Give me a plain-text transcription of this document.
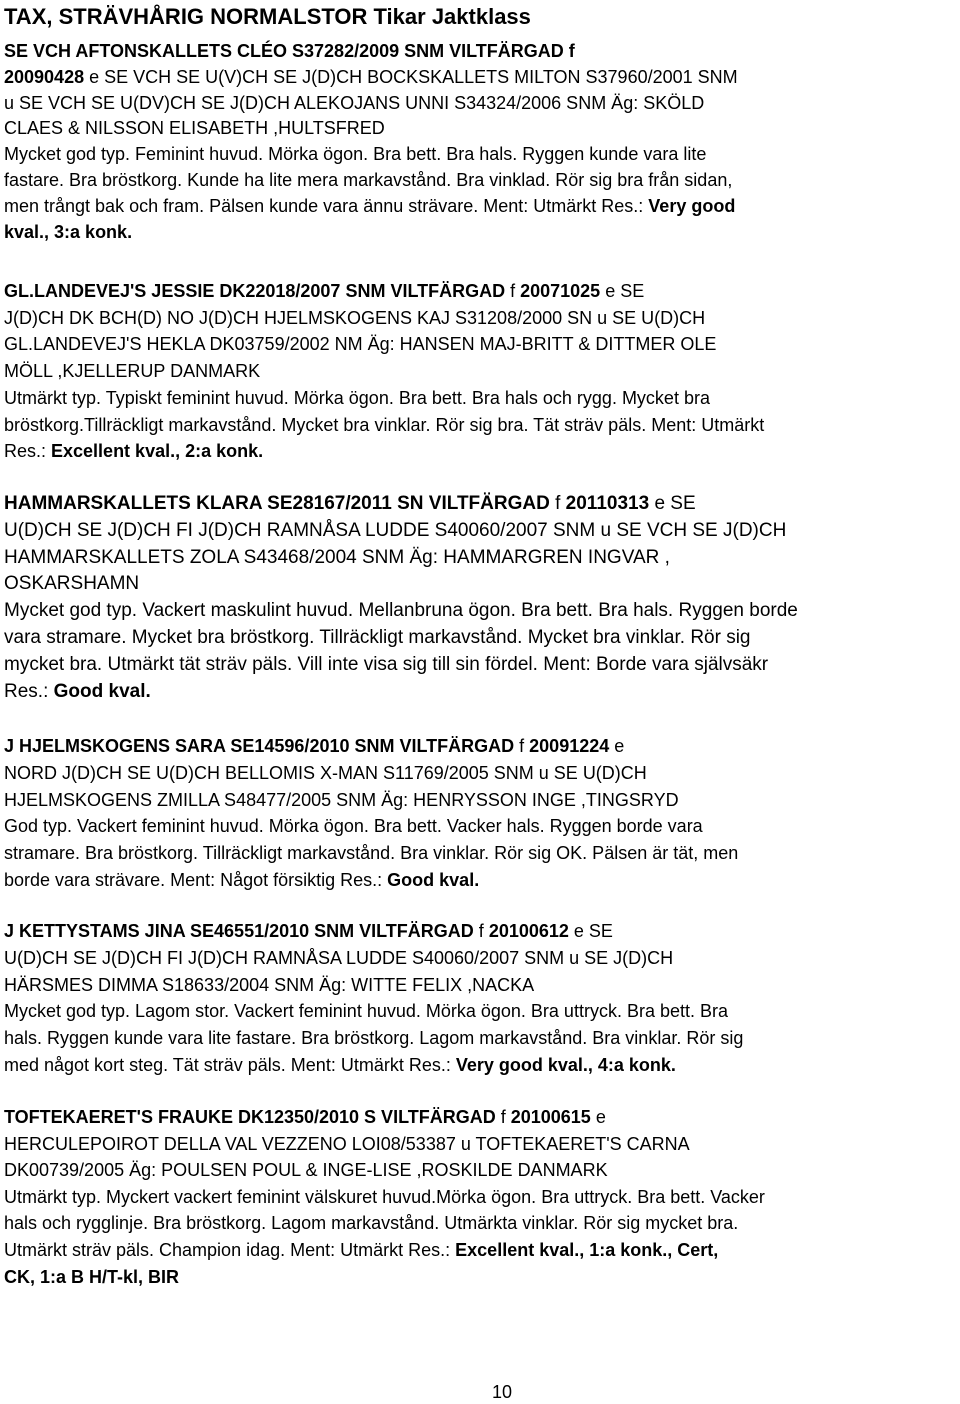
TAX, STRÄVHÅRIG NORMALSTOR Tikar Jaktklass

SE VCH AFTONSKALLETS CLÉO S37282/2009 SNM VILTFÄRGAD f
20090428 e SE VCH SE U(V)CH SE J(D)CH BOCKSKALLETS MILTON S37960/2001 SNM
u SE VCH SE U(DV)CH SE J(D)CH ALEKOJANS UNNI S34324/2006 SNM Äg: SKÖLD
CLAES & NILSSON ELISABETH ,HULTSFRED
Mycket god typ. Feminint huvud. Mörka ögon. Bra bett. Bra hals. Ryggen kunde vara lite
fastare. Bra bröstkorg. Kunde ha lite mera markavstånd. Bra vinklad. Rör sig bra från sidan,
men trångt bak och fram. Pälsen kunde vara ännu strävare. Ment: Utmärkt Res.: Very good
kval., 3:a konk.

GL.LANDEVEJ'S JESSIE DK22018/2007 SNM VILTFÄRGAD f 20071025 e SE
J(D)CH DK BCH(D) NO J(D)CH HJELMSKOGENS KAJ S31208/2000 SN u SE U(D)CH
GL.LANDEVEJ'S HEKLA DK03759/2002 NM Äg: HANSEN MAJ-BRITT & DITTMER OLE
MÖLL ,KJELLERUP DANMARK
Utmärkt typ. Typiskt feminint huvud. Mörka ögon. Bra bett. Bra hals och rygg. Mycket bra
bröstkorg.Tillräckligt markavstånd. Mycket bra vinklar. Rör sig bra. Tät sträv päls. Ment: Utmärkt
Res.: Excellent kval., 2:a konk.

HAMMARSKALLETS KLARA SE28167/2011 SN VILTFÄRGAD f 20110313 e SE
U(D)CH SE J(D)CH FI J(D)CH RAMNÅSA LUDDE S40060/2007 SNM u SE VCH SE J(D)CH
HAMMARSKALLETS ZOLA S43468/2004 SNM Äg: HAMMARGREN INGVAR ,
OSKARSHAMN
Mycket god typ. Vackert maskulint huvud. Mellanbruna ögon. Bra bett. Bra hals. Ryggen borde
vara stramare. Mycket bra bröstkorg. Tillräckligt markavstånd. Mycket bra vinklar. Rör sig
mycket bra. Utmärkt tät sträv päls. Vill inte visa sig till sin fördel. Ment: Borde vara självsäkr
Res.: Good kval.

J HJELMSKOGENS SARA SE14596/2010 SNM VILTFÄRGAD f 20091224 e
NORD J(D)CH SE U(D)CH BELLOMIS X-MAN S11769/2005 SNM u SE U(D)CH
HJELMSKOGENS ZMILLA S48477/2005 SNM Äg: HENRYSSON INGE ,TINGSRYD
God typ. Vackert feminint huvud. Mörka ögon. Bra bett. Vacker hals. Ryggen borde vara
stramare. Bra bröstkorg. Tillräckligt markavstånd. Bra vinklar. Rör sig OK. Pälsen är tät, men
borde vara strävare. Ment: Något försiktig Res.: Good kval.

J KETTYSTAMS JINA SE46551/2010 SNM VILTFÄRGAD f 20100612 e SE
U(D)CH SE J(D)CH FI J(D)CH RAMNÅSA LUDDE S40060/2007 SNM u SE J(D)CH
HÄRSMES DIMMA S18633/2004 SNM Äg: WITTE FELIX ,NACKA
Mycket god typ. Lagom stor. Vackert feminint huvud. Mörka ögon. Bra uttryck. Bra bett. Bra
hals. Ryggen kunde vara lite fastare. Bra bröstkorg. Lagom markavstånd. Bra vinklar. Rör sig
med något kort steg. Tät sträv päls. Ment: Utmärkt Res.: Very good kval., 4:a konk.

TOFTEKAERET'S FRAUKE DK12350/2010 S VILTFÄRGAD f 20100615 e
HERCULEPOIROT DELLA VAL VEZZENO LOI08/53387 u TOFTEKAERET'S CARNA
DK00739/2005 Äg: POULSEN POUL & INGE-LISE ,ROSKILDE DANMARK
Utmärkt typ. Myckert vackert feminint välskuret huvud.Mörka ögon. Bra uttryck. Bra bett. Vacker
hals och rygglinje. Bra bröstkorg. Lagom markavstånd. Utmärkta vinklar. Rör sig mycket bra.
Utmärkt sträv päls. Champion idag. Ment: Utmärkt Res.: Excellent kval., 1:a konk., Cert,
CK, 1:a B H/T-kl, BIR

10
